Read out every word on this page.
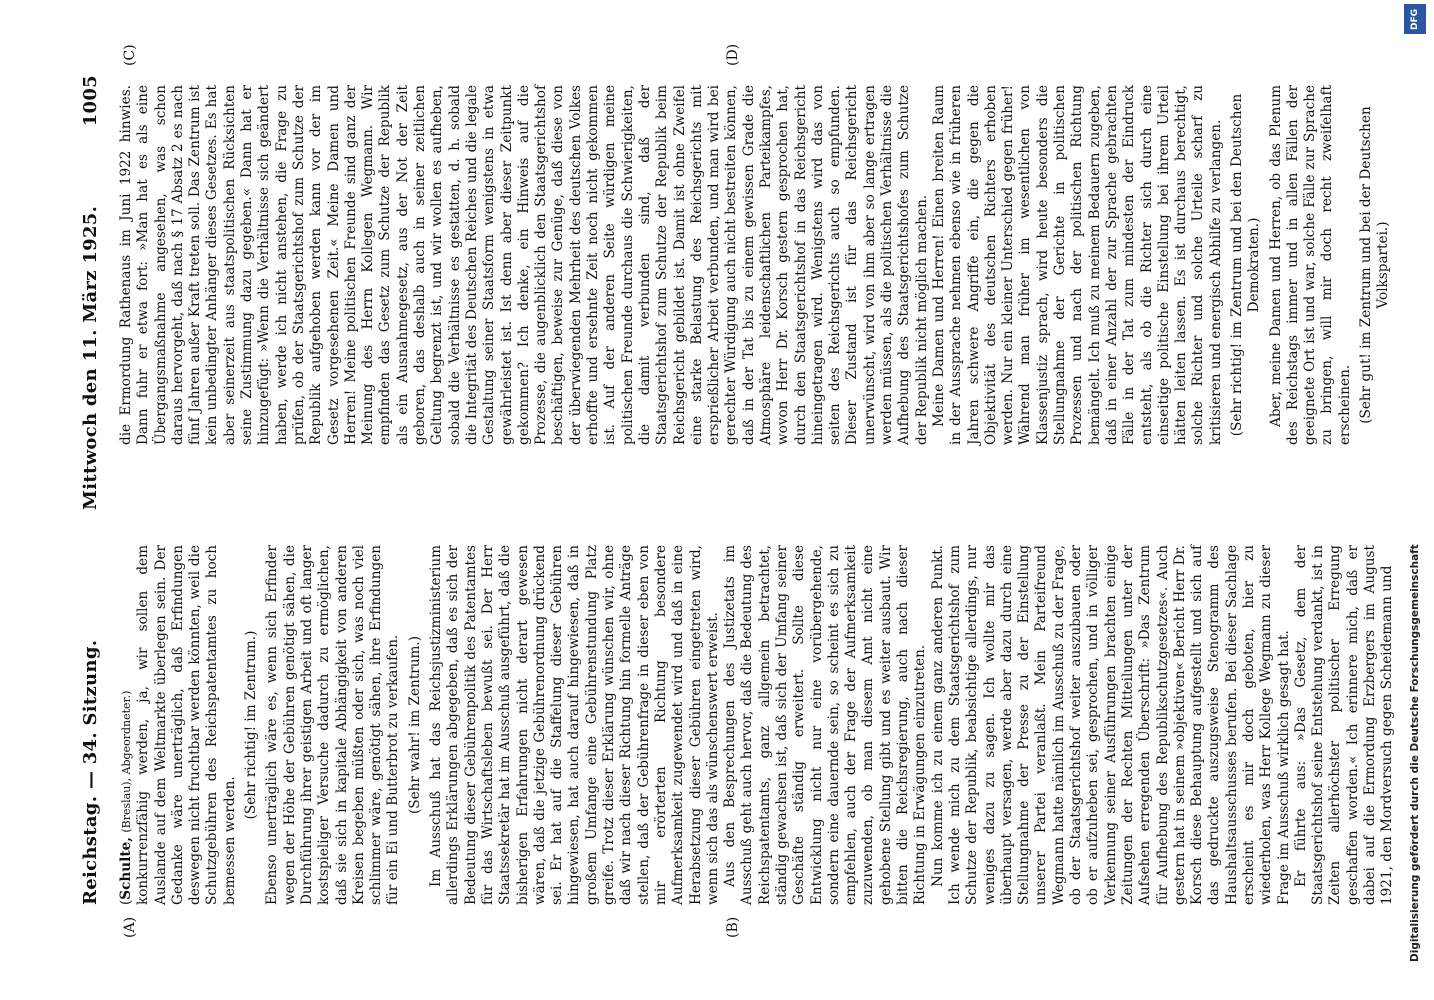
Reichstag. — 34. Sitzung.
Mittwoch den 11. März 1925.
1005
(A)	(B)
(C)	(D)

(Schulte, (Breslau), Abgeordneter.) konkurrenzfähig werden, ja, wir sollen dem Auslande auf dem Weltmarkte überlegen sein. Der Gedanke wäre unerträglich, daß Erfindungen deswegen nicht fruchtbar werden könnten, weil die Schutzgebühren des Reichspatentamtes zu hoch bemessen werden.

(Sehr richtig! im Zentrum.) Ebenso unerträglich wäre es, wenn sich Erfinder wegen der Höhe der Gebühren genötigt sähen, die Durchführung ihrer geistigen Arbeit und oft langer kostspieliger Versuche dadurch zu ermöglichen, daß sie sich in kapitale Abhängigkeit von anderen Kreisen begeben müßten oder sich, was noch viel schlimmer wäre, genötigt sähen, ihre Erfindungen für ein Ei und Butterbrot zu verkaufen. (Sehr wahr! im Zentrum.) Im Ausschuß hat das Reichsjustizministerium allerdings Erklärungen abgegeben, daß es sich der Bedeutung dieser Gebührenpolitik des Patentamtes für das Wirtschaftsleben bewußt sei. Der Herr Staatssekretär hat im Ausschuß ausgeführt, daß die bisherigen Erfahrungen nicht derart gewesen wären, daß die jetzige Gebührenordnung drückend sei. Er hat auf die Staffelung dieser Gebühren hingewiesen, hat auch darauf hingewiesen, daß in großem Umfange eine Gebührenstundung Platz greife. Trotz dieser Erklärung wünschen wir, ohne daß wir nach dieser Richtung hin formelle Anträge stellen, daß der Gebührenfrage in dieser eben von mir erörterten Richtung besondere Aufmerksamkeit zugewendet wird und daß in eine Herabsetzung dieser Gebühren eingetreten wird, wenn sich das als wünschenswert erweist. Aus den Besprechungen des Justizetats im Ausschuß geht auch hervor, daß die Bedeutung des Reichspatentamts, ganz allgemein betrachtet, ständig gewachsen ist, daß sich der Umfang seiner Geschäfte ständig erweitert. Sollte diese Entwicklung nicht nur eine vorübergehende, sondern eine dauernde sein, so scheint es sich zu empfehlen, auch der Frage der Aufmerksamkeit zuzuwenden, ob man diesem Amt nicht eine gehobene Stellung gibt und es weiter ausbaut. Wir bitten die Reichsregierung, auch nach dieser Richtung in Erwägungen einzutreten. Nun komme ich zu einem ganz anderen Punkt. Ich wende mich zu dem Staatsgerichtshof zum Schutze der Republik, beabsichtige allerdings, nur weniges dazu zu sagen. Ich wollte mir das überhaupt versagen, werde aber dazu durch eine Stellungnahme der Presse zu der Einstellung unserer Partei veranlaßt. Mein Parteifreund Wegmann hatte nämlich im Ausschuß zu der Frage, ob der Staatsgerichtshof weiter auszubauen oder ob er aufzuheben sei, gesprochen, und in völliger Verkennung seiner Ausführungen brachten einige Zeitungen der Rechten Mitteilungen unter der Aufsehen erregenden Überschrift: »Das Zentrum für Aufhebung des Republikschutzgesetzes«. Auch gestern hat in seinem »objektiven« Bericht Herr Dr. Korsch diese Behauptung aufgestellt und sich auf das gedruckte auszugsweise Stenogramm des Haushaltsausschusses berufen. Bei dieser Sachlage erscheint es mir doch geboten, hier zu wiederholen, was Herr Kollege Wegmann zu dieser Frage im Ausschuß wirklich gesagt hat. Er führte aus: »Das Gesetz, dem der Staatsgerichtshof seine Entstehung verdankt, ist in Zeiten allerhöchster politischer Erregung geschaffen worden.« Ich erinnere mich, daß er dabei auf die Ermordung Erzbergers im August 1921, den Mordversuch gegen Scheidemann und

die Ermordung Rathenaus im Juni 1922 hinwies. Dann fuhr er etwa fort: »Man hat es als eine Übergangsmaßnahme angesehen, was schon daraus hervorgeht, daß nach § 17 Absatz 2 es nach fünf Jahren außer Kraft treten soll. Das Zentrum ist kein unbedingter Anhänger dieses Gesetzes. Es hat aber seinerzeit aus staatspolitischen Rücksichten seine Zustimmung dazu gegeben.« Dann hat er hinzugefügt: »Wenn die Verhältnisse sich geändert haben, werde ich nicht anstehen, die Frage zu prüfen, ob der Staatsgerichtshof zum Schutze der Republik aufgehoben werden kann vor der im Gesetz vorgesehenen Zeit.« Meine Damen und Herren! Meine politischen Freunde sind ganz der Meinung des Herrn Kollegen Wegmann. Wir empfinden das Gesetz zum Schutze der Republik als ein Ausnahmegesetz, aus der Not der Zeit geboren, das deshalb auch in seiner zeitlichen Geltung begrenzt ist, und wir wollen es aufheben, sobald die Verhältnisse es gestatten, d. h. sobald die Integrität des Deutschen Reiches und die legale Gestaltung seiner Staatsform wenigstens in etwa gewährleistet ist. Ist denn aber dieser Zeitpunkt gekommen? Ich denke, ein Hinweis auf die Prozesse, die augenblicklich den Staatsgerichtshof beschäftigen, beweise zur Genüge, daß diese von der überwiegenden Mehrheit des deutschen Volkes erhoffte und ersehnte Zeit noch nicht gekommen ist. Auf der anderen Seite würdigen meine politischen Freunde durchaus die Schwierigkeiten, die damit verbunden sind, daß der Staatsgerichtshof zum Schutze der Republik beim Reichsgericht gebildet ist. Damit ist ohne Zweifel eine starke Belastung des Reichsgerichts mit ersprießlicher Arbeit verbunden, und man wird bei gerechter Würdigung auch nicht bestreiten können, daß in der Tat bis zu einem gewissen Grade die Atmosphäre leidenschaftlichen Parteikampfes, wovon Herr Dr. Korsch gestern gesprochen hat, durch den Staatsgerichtshof in das Reichsgericht hineingetragen wird. Wenigstens wird das von seiten des Reichsgerichts auch so empfunden. Dieser Zustand ist für das Reichsgericht unerwünscht, wird von ihm aber so lange ertragen werden müssen, als die politischen Verhältnisse die Aufhebung des Staatsgerichtshofes zum Schutze der Republik nicht möglich machen. Meine Damen und Herren! Einen breiten Raum in der Aussprache nehmen ebenso wie in früheren Jahren schwere Angriffe ein, die gegen die Objektivität des deutschen Richters erhoben werden. Nur ein kleiner Unterschied gegen früher! Während man früher im wesentlichen von Klassenjustiz sprach, wird heute besonders die Stellungnahme der Gerichte in politischen Prozessen und nach der politischen Richtung bemängelt. Ich muß zu meinem Bedauern zugeben, daß in einer Anzahl der zur Sprache gebrachten Fälle in der Tat zum mindesten der Eindruck entsteht, als ob die Richter sich durch eine einseitige politische Einstellung bei ihrem Urteil hätten leiten lassen. Es ist durchaus berechtigt, solche Richter und solche Urteile scharf zu kritisieren und energisch Abhilfe zu verlangen. (Sehr richtig! im Zentrum und bei den Deutschen Demokraten.) Aber, meine Damen und Herren, ob das Plenum des Reichstags immer und in allen Fällen der geeignete Ort ist und war, solche Fälle zur Sprache zu bringen, will mir doch recht zweifelhaft erscheinen. (Sehr gut! im Zentrum und bei der Deutschen Volkspartei.)

Digitalisierung gefördert durch die Deutsche Forschungsgemeinschaft
DFG
